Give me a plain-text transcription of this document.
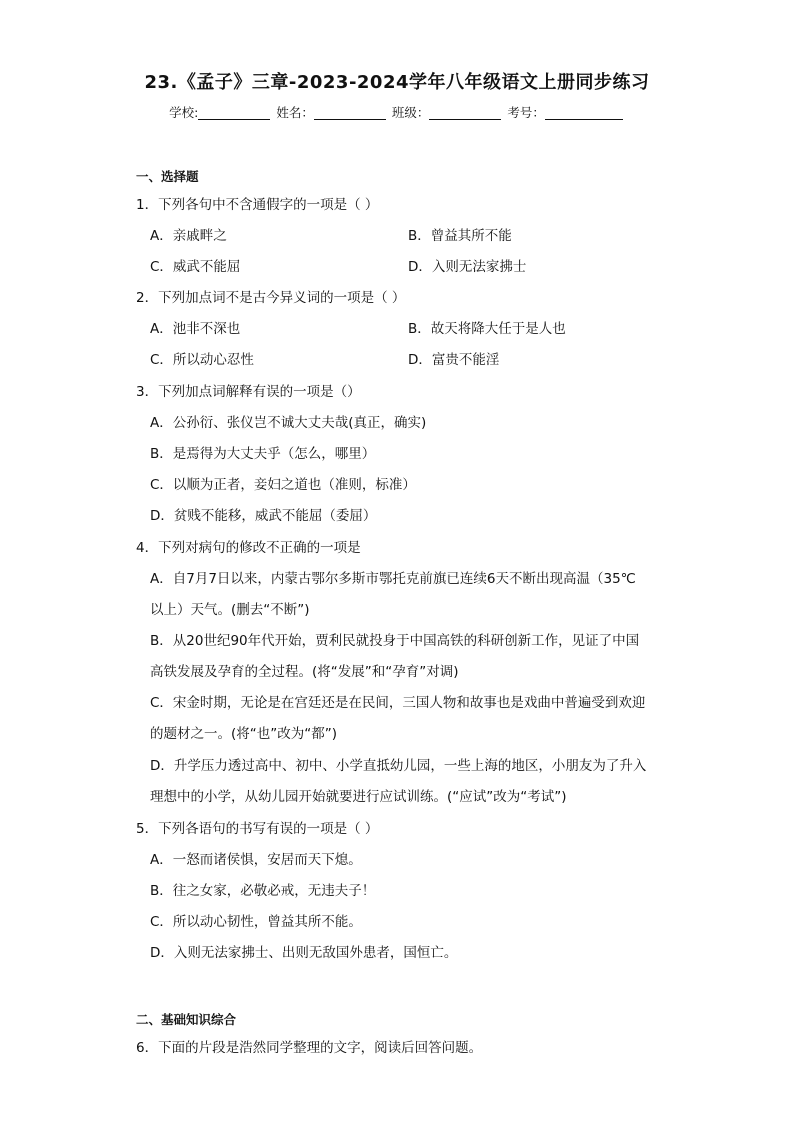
23.《孟子》三章-2023-2024学年八年级语文上册同步练习
学校:	姓名：	班级：	考号：
一、选择题
1．下列各句中不含通假字的一项是（ ）
A．亲戚畔之	B．曾益其所不能
C．威武不能屈	D．入则无法家拂士
2．下列加点词不是古今异义词的一项是（ ）
A．池非不深也	B．故天将降大任于是人也
C．所以动心忍性	D．富贵不能淫
3．下列加点词解释有误的一项是（）
A．公孙衍、张仪岂不诚大丈夫哉(真正，确实)
B．是焉得为大丈夫乎（怎么，哪里）
C．以顺为正者，妾妇之道也（准则，标准）
D．贫贱不能移，威武不能屈（委屈）
4．下列对病句的修改不正确的一项是
A．自7月7日以来，内蒙古鄂尔多斯市鄂托克前旗已连续6天不断出现高温（35℃
以上）天气。(删去“不断”)
B．从20世纪90年代开始，贾利民就投身于中国高铁的科研创新工作，见证了中国
高铁发展及孕育的全过程。(将“发展”和“孕育”对调)
C．宋金时期，无论是在宫廷还是在民间，三国人物和故事也是戏曲中普遍受到欢迎
的题材之一。(将“也”改为“都”)
D．升学压力透过高中、初中、小学直抵幼儿园，一些上海的地区，小朋友为了升入
理想中的小学，从幼儿园开始就要进行应试训练。(“应试”改为“考试”)
5．下列各语句的书写有误的一项是（ ）
A．一怒而诸侯惧，安居而天下熄。
B．往之女家，必敬必戒，无违夫子！
C．所以动心韧性，曾益其所不能。
D．入则无法家拂士、出则无敌国外患者，国恒亡。
二、基础知识综合
6．下面的片段是浩然同学整理的文字，阅读后回答问题。
